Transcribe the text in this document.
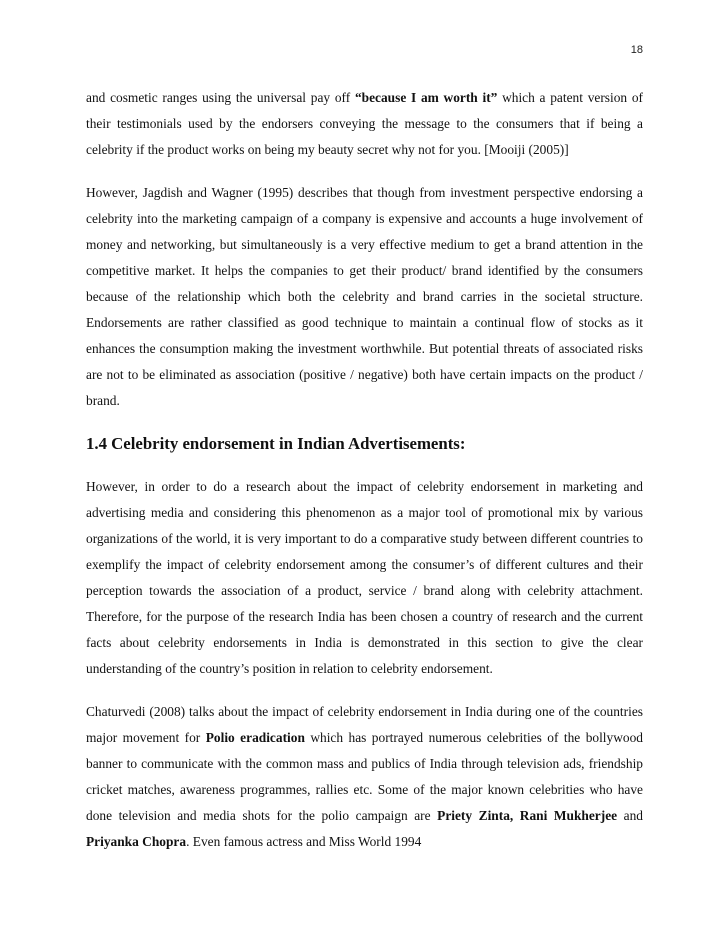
18

and cosmetic ranges using the universal pay off “because I am worth it” which a patent version of their testimonials used by the endorsers conveying the message to the consumers that if being a celebrity if the product works on being my beauty secret why not for you. [Mooiji (2005)]

However, Jagdish and Wagner (1995) describes that though from investment perspective endorsing a celebrity into the marketing campaign of a company is expensive and accounts a huge involvement of money and networking, but simultaneously is a very effective medium to get a brand attention in the competitive market. It helps the companies to get their product/ brand identified by the consumers because of the relationship which both the celebrity and brand carries in the societal structure. Endorsements are rather classified as good technique to maintain a continual flow of stocks as it enhances the consumption making the investment worthwhile. But potential threats of associated risks are not to be eliminated as association (positive / negative) both have certain impacts on the product / brand.

1.4 Celebrity endorsement in Indian Advertisements:

However, in order to do a research about the impact of celebrity endorsement in marketing and advertising media and considering this phenomenon as a major tool of promotional mix by various organizations of the world, it is very important to do a comparative study between different countries to exemplify the impact of celebrity endorsement among the consumer’s of different cultures and their perception towards the association of a product, service / brand along with celebrity attachment. Therefore, for the purpose of the research India has been chosen a country of research and the current facts about celebrity endorsements in India is demonstrated in this section to give the clear understanding of the country’s position in relation to celebrity endorsement.

Chaturvedi (2008) talks about the impact of celebrity endorsement in India during one of the countries major movement for Polio eradication which has portrayed numerous celebrities of the bollywood banner to communicate with the common mass and publics of India through television ads, friendship cricket matches, awareness programmes, rallies etc. Some of the major known celebrities who have done television and media shots for the polio campaign are Priety Zinta, Rani Mukherjee and Priyanka Chopra. Even famous actress and Miss World 1994
